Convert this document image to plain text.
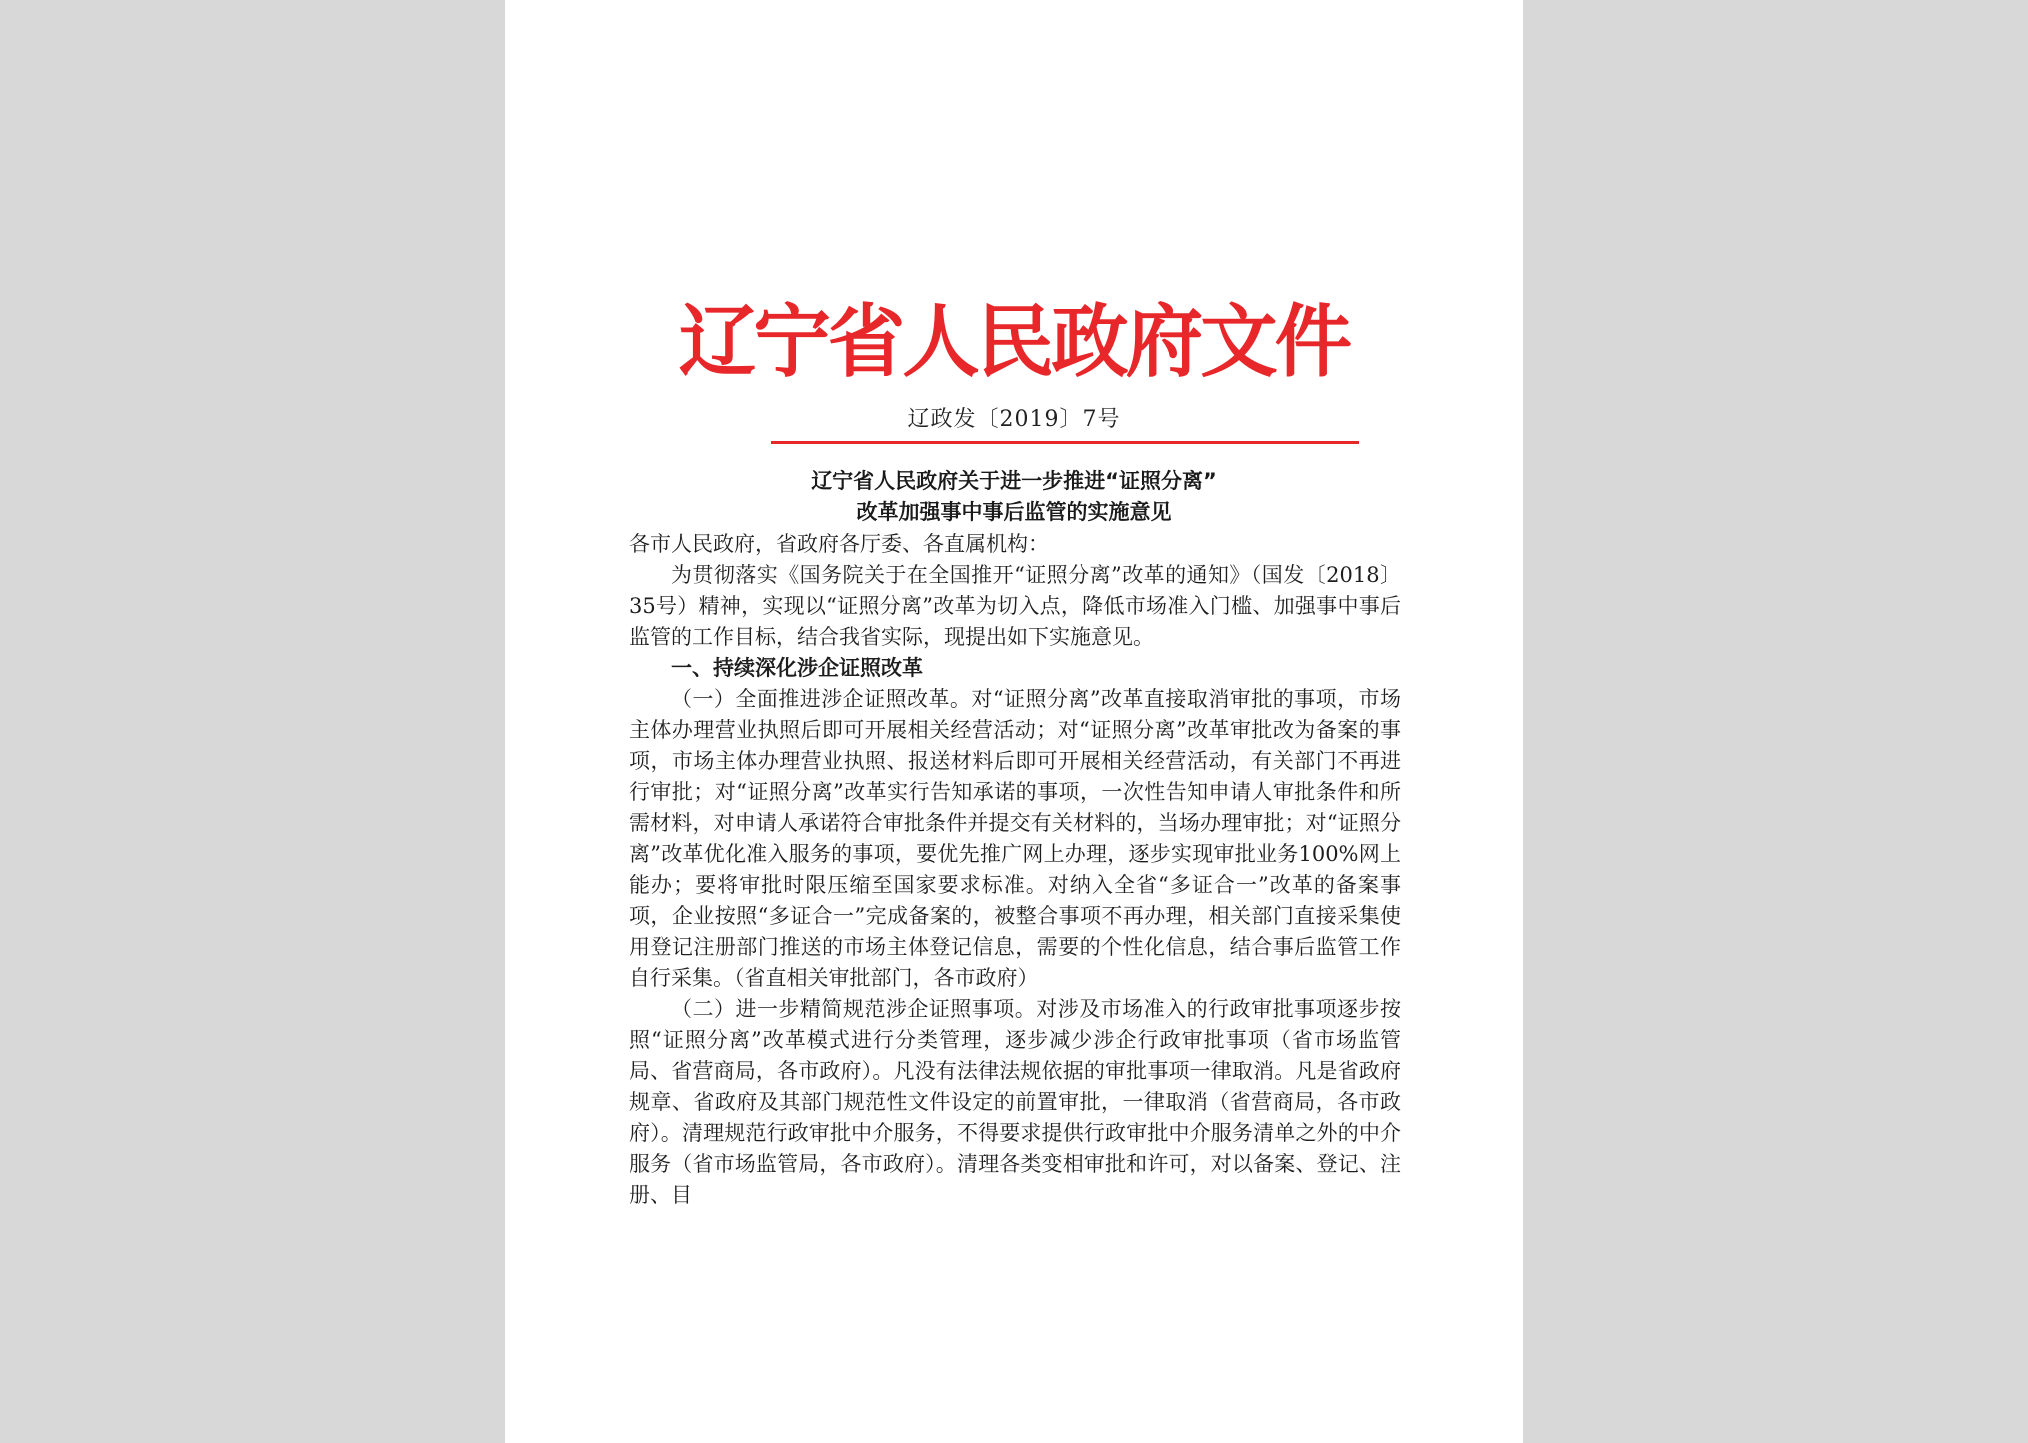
辽宁省人民政府文件
辽政发〔2019〕7号
辽宁省人民政府关于进一步推进“证照分离”
改革加强事中事后监管的实施意见

各市人民政府，省政府各厅委、各直属机构：

为贯彻落实《国务院关于在全国推开“证照分离”改革的通知》（国发〔2018〕35号）精神，实现以“证照分离”改革为切入点，降低市场准入门槛、加强事中事后监管的工作目标，结合我省实际，现提出如下实施意见。

一、持续深化涉企证照改革

（一）全面推进涉企证照改革。对“证照分离”改革直接取消审批的事项，市场主体办理营业执照后即可开展相关经营活动；对“证照分离”改革审批改为备案的事项，市场主体办理营业执照、报送材料后即可开展相关经营活动，有关部门不再进行审批；对“证照分离”改革实行告知承诺的事项，一次性告知申请人审批条件和所需材料，对申请人承诺符合审批条件并提交有关材料的，当场办理审批；对“证照分离”改革优化准入服务的事项，要优先推广网上办理，逐步实现审批业务100%网上能办；要将审批时限压缩至国家要求标准。对纳入全省“多证合一”改革的备案事项，企业按照“多证合一”完成备案的，被整合事项不再办理，相关部门直接采集使用登记注册部门推送的市场主体登记信息，需要的个性化信息，结合事后监管工作自行采集。（省直相关审批部门，各市政府）

（二）进一步精简规范涉企证照事项。对涉及市场准入的行政审批事项逐步按照“证照分离”改革模式进行分类管理，逐步减少涉企行政审批事项（省市场监管局、省营商局，各市政府）。凡没有法律法规依据的审批事项一律取消。凡是省政府规章、省政府及其部门规范性文件设定的前置审批，一律取消（省营商局，各市政府）。清理规范行政审批中介服务，不得要求提供行政审批中介服务清单之外的中介服务（省市场监管局，各市政府）。清理各类变相审批和许可，对以备案、登记、注册、目
